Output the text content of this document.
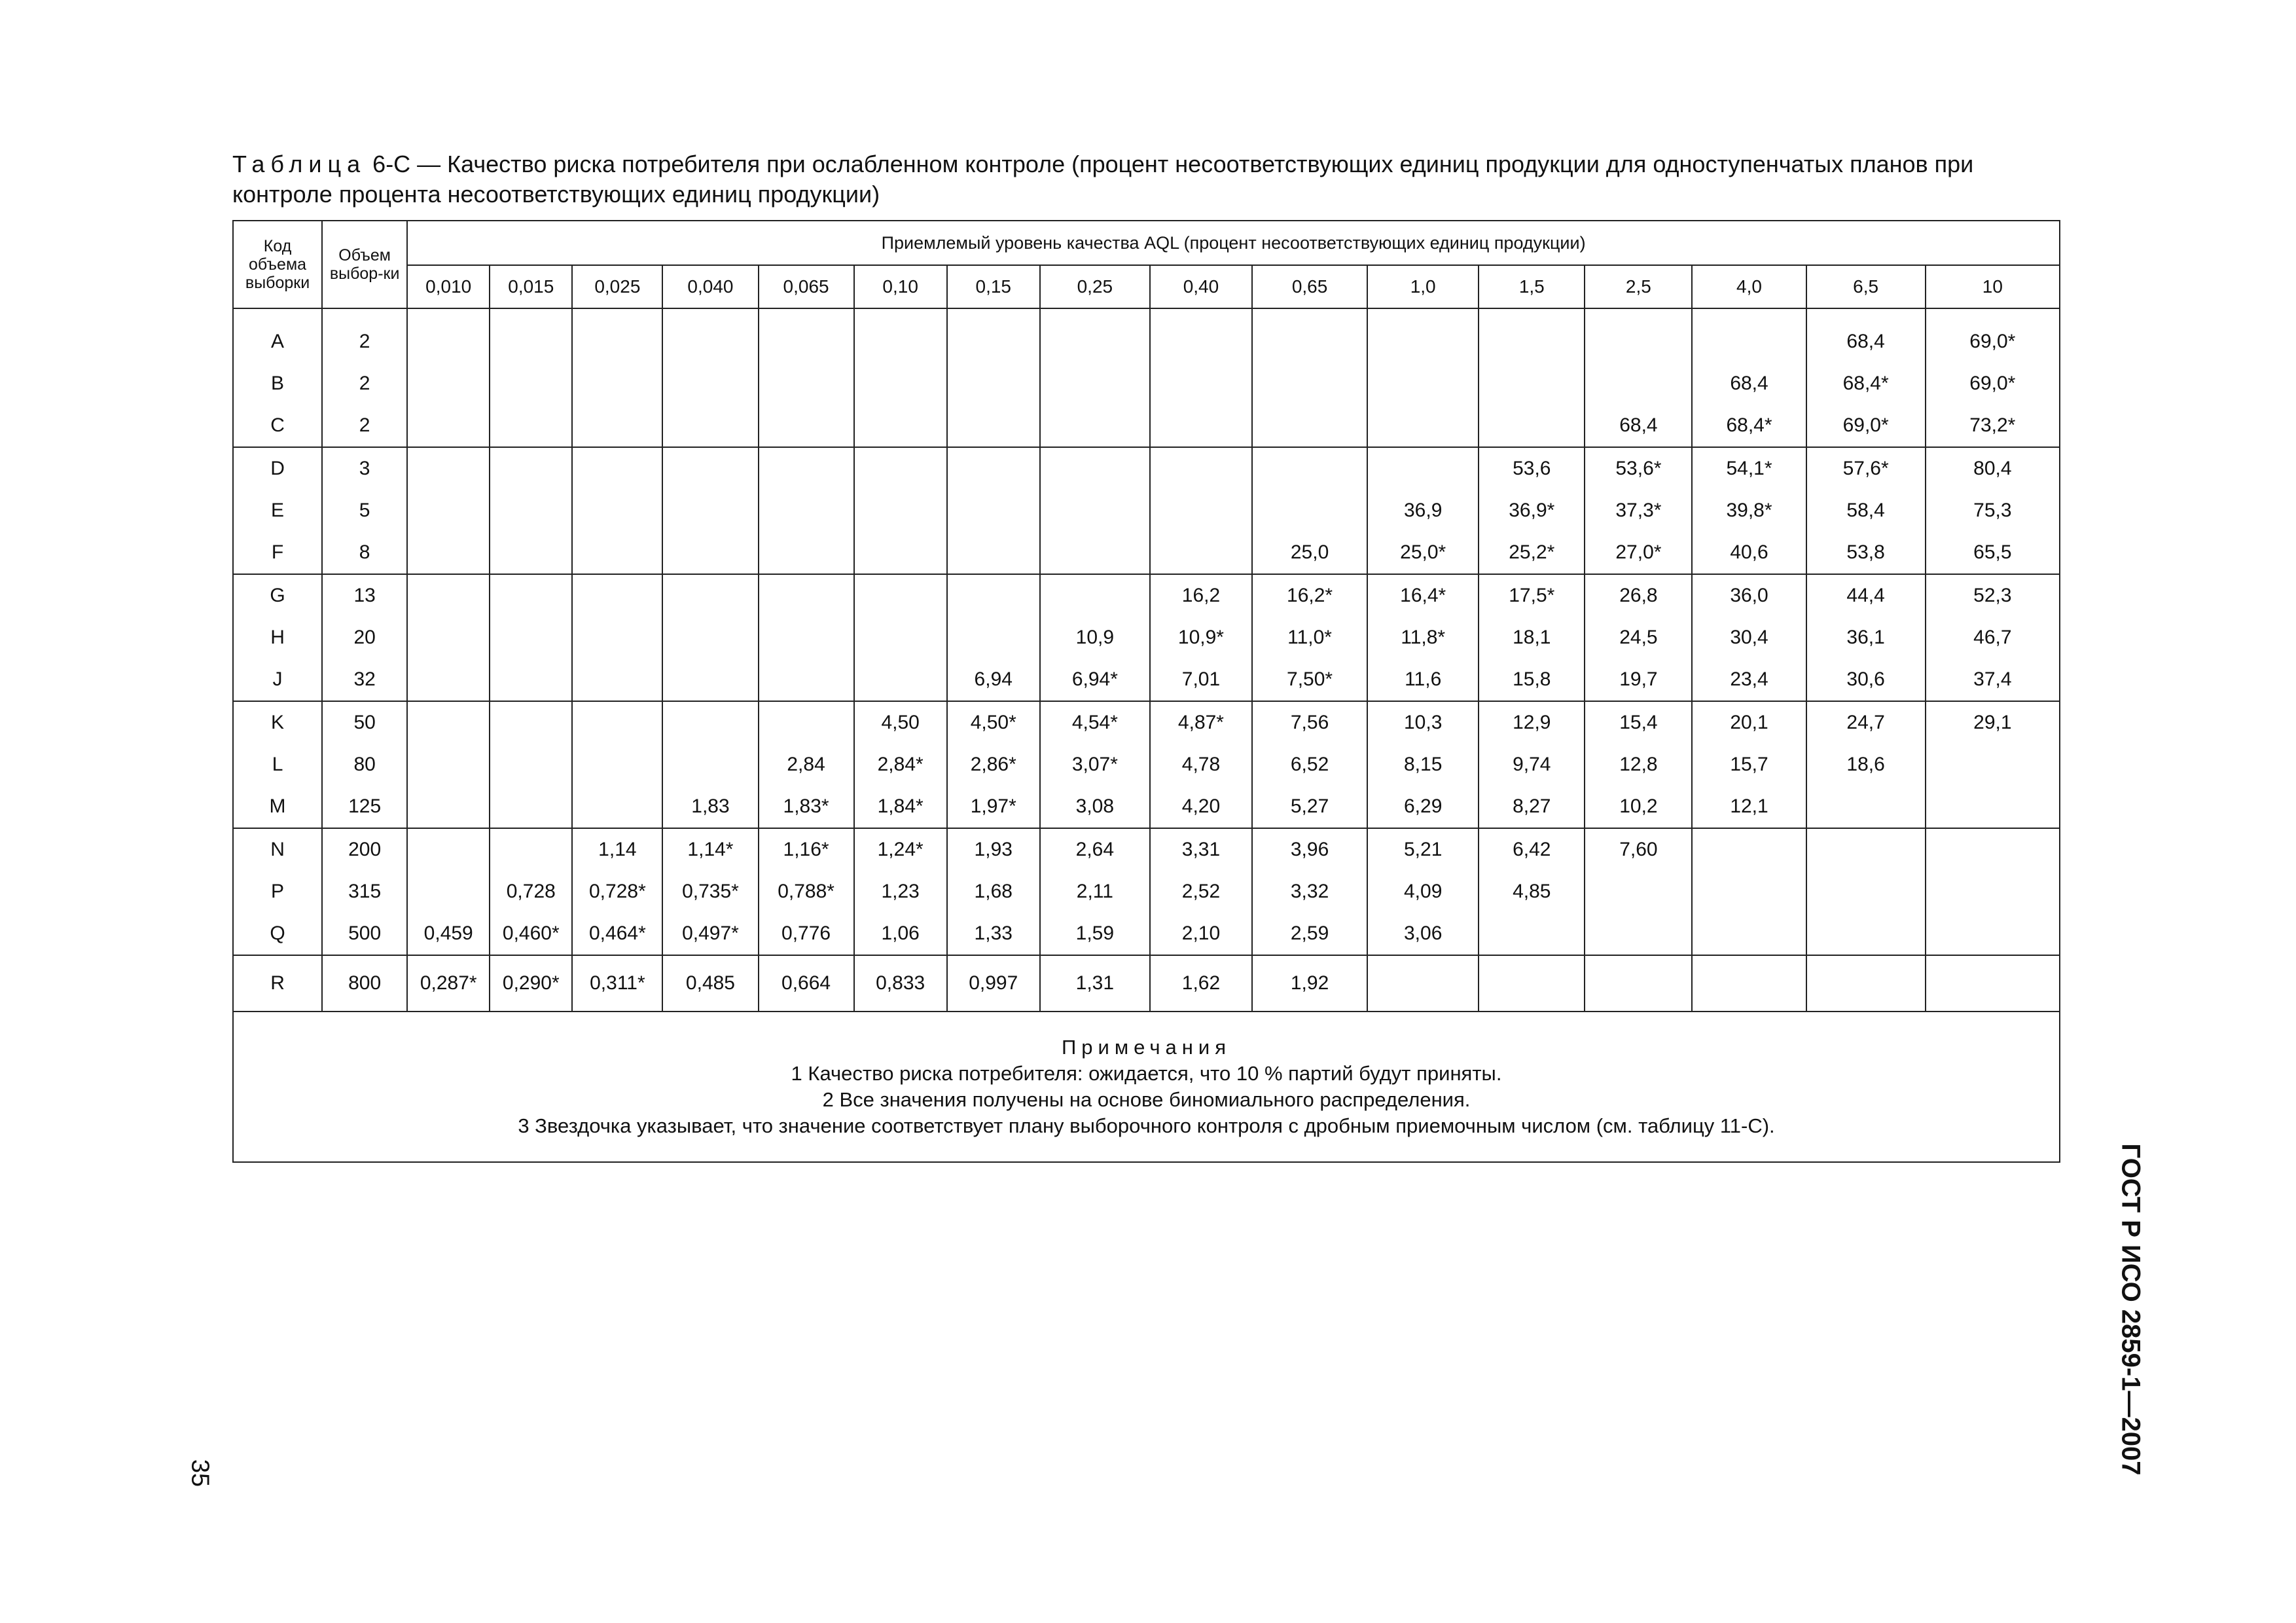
Таблица 6-С — Качество риска потребителя при ослабленном контроле (процент несоответствующих единиц продукции для одноступенчатых планов при контроле процента несоответствующих единиц продукции)
Код объема выборки	Объем выбор-ки	Приемлемый уровень качества AQL (процент несоответствующих единиц продукции)															
		0,010	0,015	0,025	0,040	0,065	0,10	0,15	0,25	0,40	0,65	1,0	1,5	2,5	4,0	6,5	10

A	2															68,4	69,0*
B	2														68,4	68,4*	69,0*
C	2													68,4	68,4*	69,0*	73,2*
D	3												53,6	53,6*	54,1*	57,6*	80,4
E	5											36,9	36,9*	37,3*	39,8*	58,4	75,3
F	8										25,0	25,0*	25,2*	27,0*	40,6	53,8	65,5
G	13									16,2	16,2*	16,4*	17,5*	26,8	36,0	44,4	52,3
H	20								10,9	10,9*	11,0*	11,8*	18,1	24,5	30,4	36,1	46,7
J	32							6,94	6,94*	7,01	7,50*	11,6	15,8	19,7	23,4	30,6	37,4
K	50						4,50	4,50*	4,54*	4,87*	7,56	10,3	12,9	15,4	20,1	24,7	29,1
L	80					2,84	2,84*	2,86*	3,07*	4,78	6,52	8,15	9,74	12,8	15,7	18,6	
M	125				1,83	1,83*	1,84*	1,97*	3,08	4,20	5,27	6,29	8,27	10,2	12,1		
N	200			1,14	1,14*	1,16*	1,24*	1,93	2,64	3,31	3,96	5,21	6,42	7,60			
P	315		0,728	0,728*	0,735*	0,788*	1,23	1,68	2,11	2,52	3,32	4,09	4,85				
Q	500	0,459	0,460*	0,464*	0,497*	0,776	1,06	1,33	1,59	2,10	2,59	3,06					
R	800	0,287*	0,290*	0,311*	0,485	0,664	0,833	0,997	1,31	1,62	1,92						

Примечания
1 Качество риска потребителя: ожидается, что 10 % партий будут приняты.
2 Все значения получены на основе биномиального распределения.
3 Звездочка указывает, что значение соответствует плану выборочного контроля с дробным приемочным числом (см. таблицу 11-С).																	
ГОСТ Р ИСО 2859-1—2007
35
